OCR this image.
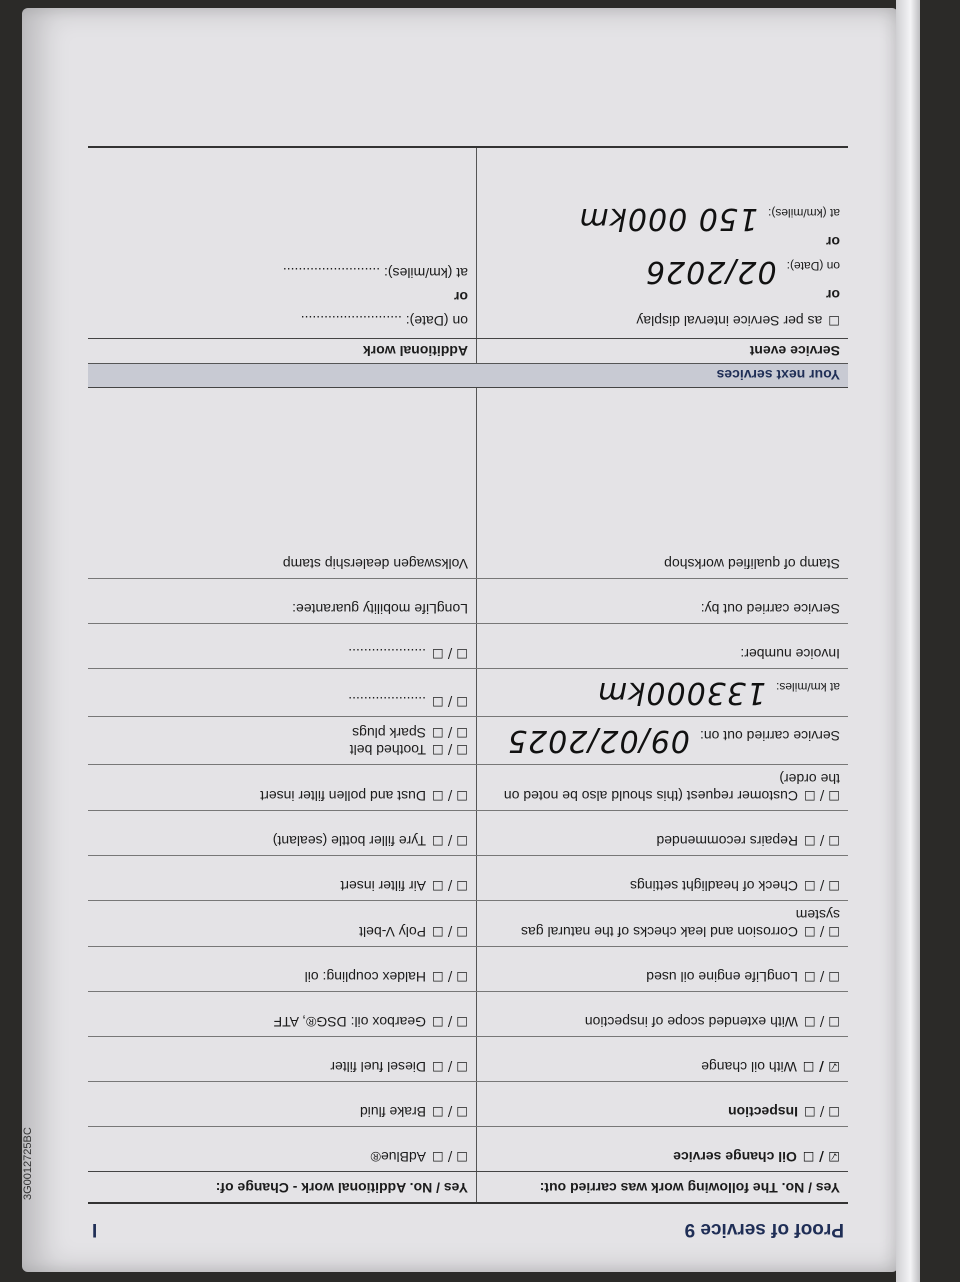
Proof of service 9
I
Yes / No. The following work was carried out:
Yes / No. Additional work - Change of:
☑ / ☐Oil change service
☐ / ☐AdBlue®
☐ / ☐Inspection
☐ / ☐Brake fluid
☑ / ☐With oil change
☐ / ☐Diesel fuel filter
☐ / ☐With extended scope of inspection
☐ / ☐Gearbox oil: DSG®, ATF
☐ / ☐LongLife engine oil used
☐ / ☐Haldex coupling: oil
☐ / ☐Corrosion and leak checks of the natural gas system
☐ / ☐Poly V-belt
☐ / ☐Check of headlight settings
☐ / ☐Air filter insert
☐ / ☐Repairs recommended
☐ / ☐Tyre filler bottle (sealant)
☐ / ☐Customer request (this should also be noted on the order)
☐ / ☐Dust and pollen filter insert
Service carried out on:09/02/2025
☐ / ☐Toothed belt
☐ / ☐Spark plugs
at km/miles:133000km
☐ / ☐....................
Invoice number:
☐ / ☐....................
Service carried out by:
LongLife mobility guarantee:
Stamp of qualified workshop
Volkswagen dealership stamp
Your next services
Service event
Additional work
☐as per Service interval display
or
on (Date):02/2026
or
at (km/miles):150 000km
on (Date): ..........................
or
at (km/miles): .........................
3G0012725BC
